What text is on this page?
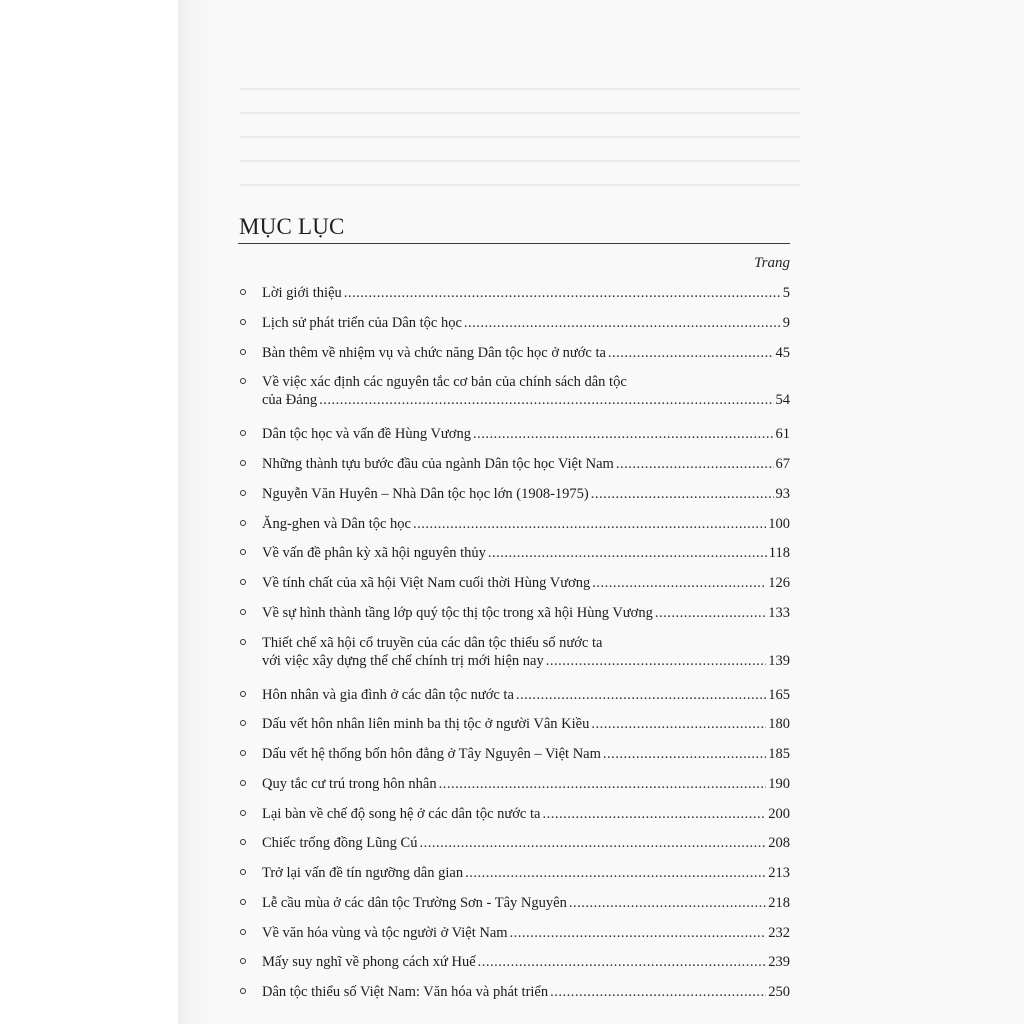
MỤC LỤC
Trang
Lời giới thiệu .....	5
Lịch sử phát triển của Dân tộc học .....	9
Bàn thêm về nhiệm vụ và chức năng Dân tộc học ở nước ta .....	45
Về việc xác định các nguyên tắc cơ bản của chính sách dân tộc
của Đảng .....	54
Dân tộc học và vấn đề Hùng Vương .....	61
Những thành tựu bước đầu của ngành Dân tộc học Việt Nam .....	67
Nguyễn Văn Huyên – Nhà Dân tộc học lớn (1908-1975) .....	93
Ăng-ghen và Dân tộc học .....	100
Về vấn đề phân kỳ xã hội nguyên thủy .....	118
Về tính chất của xã hội Việt Nam cuối thời Hùng Vương .....	126
Về sự hình thành tầng lớp quý tộc thị tộc trong xã hội Hùng Vương .....	133
Thiết chế xã hội cổ truyền của các dân tộc thiểu số nước ta
với việc xây dựng thể chế chính trị mới hiện nay .....	139
Hôn nhân và gia đình ở các dân tộc nước ta .....	165
Dấu vết hôn nhân liên minh ba thị tộc ở người Vân Kiều .....	180
Dấu vết hệ thống bốn hôn đẳng ở Tây Nguyên – Việt Nam .....	185
Quy tắc cư trú trong hôn nhân .....	190
Lại bàn về chế độ song hệ ở các dân tộc nước ta .....	200
Chiếc trống đồng Lũng Cú .....	208
Trở lại vấn đề tín ngưỡng dân gian .....	213
Lễ cầu mùa ở các dân tộc Trường Sơn - Tây Nguyên .....	218
Về văn hóa vùng và tộc người ở Việt Nam .....	232
Mấy suy nghĩ về phong cách xứ Huế .....	239
Dân tộc thiểu số Việt Nam: Văn hóa và phát triển .....	250
